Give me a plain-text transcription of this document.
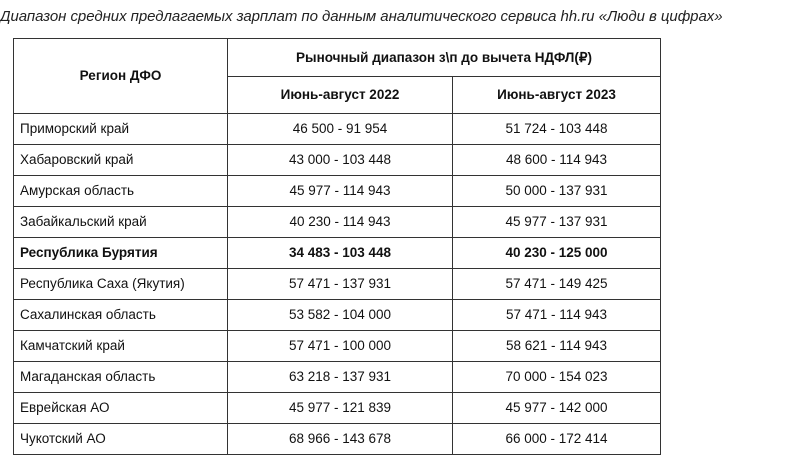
Диапазон средних предлагаемых зарплат по данным аналитического сервиса hh.ru «Люди в цифрах»
Регион ДФО	Рыночный диапазон з\п до вычета НДФЛ(₽)	
	Июнь-август 2022	Июнь-август 2023
Приморский край	46 500 - 91 954	51 724 - 103 448
Хабаровский край	43 000 - 103 448	48 600 - 114 943
Амурская область	45 977 - 114 943	50 000 - 137 931
Забайкальский край	40 230 - 114 943	45 977 - 137 931
Республика Бурятия	34 483 - 103 448	40 230 - 125 000
Республика Саха (Якутия)	57 471 - 137 931	57 471 - 149 425
Сахалинская область	53 582 - 104 000	57 471 - 114 943
Камчатский край	57 471 - 100 000	58 621 - 114 943
Магаданская область	63 218 - 137 931	70 000 - 154 023
Еврейская АО	45 977 - 121 839	45 977 - 142 000
Чукотский АО	68 966 - 143 678	66 000 - 172 414
